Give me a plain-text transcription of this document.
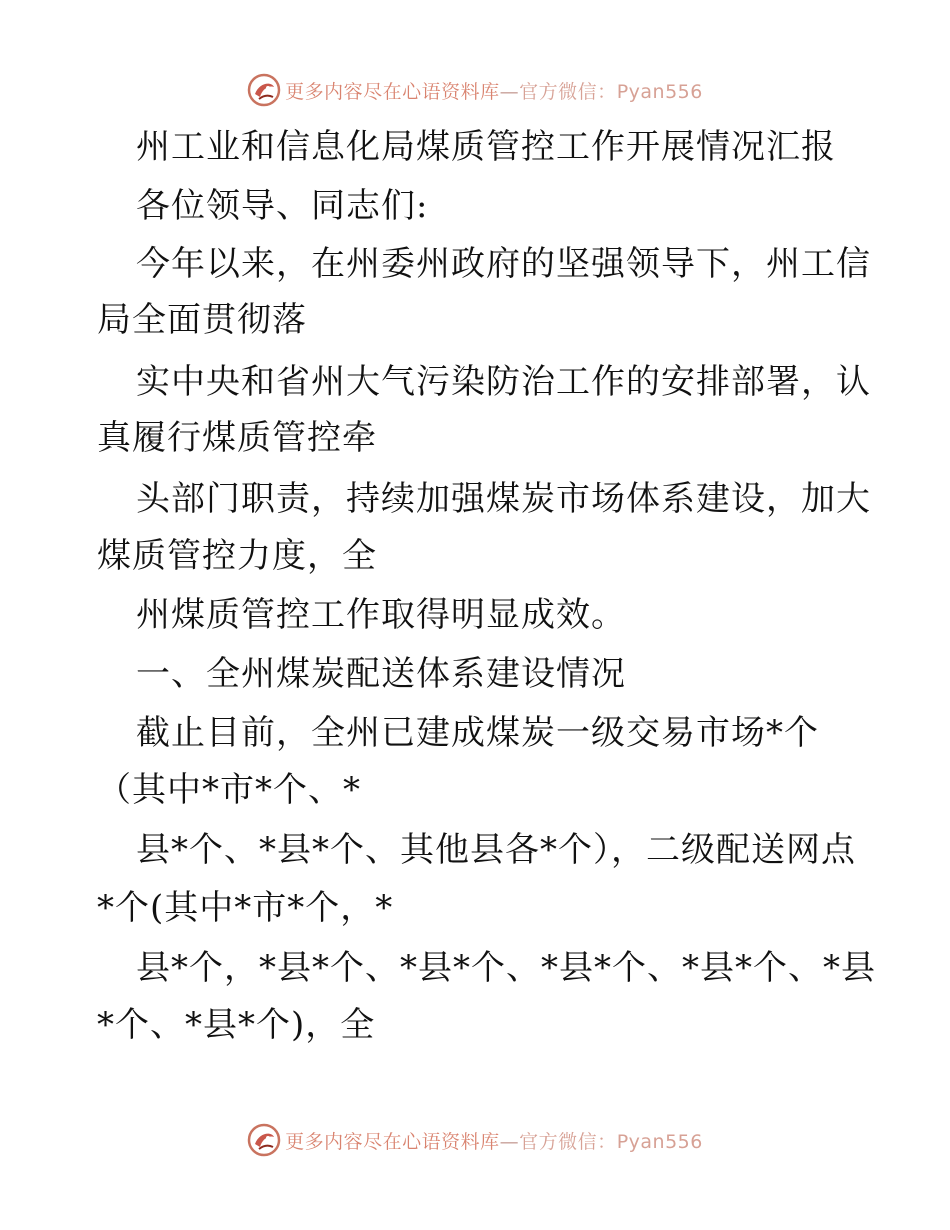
更多内容尽在心语资料库—官方微信：Pyan556
州工业和信息化局煤质管控工作开展情况汇报
各位领导、同志们:
今年以来，在州委州政府的坚强领导下，州工信
局全面贯彻落
实中央和省州大气污染防治工作的安排部署，认
真履行煤质管控牵
头部门职责，持续加强煤炭市场体系建设，加大
煤质管控力度，全
州煤质管控工作取得明显成效。
一、全州煤炭配送体系建设情况
截止目前，全州已建成煤炭一级交易市场*个
（其中*市*个、*
县*个、*县*个、其他县各*个），二级配送网点
*个(其中*市*个，*
县*个，*县*个、*县*个、*县*个、*县*个、*县
*个、*县*个)，全
更多内容尽在心语资料库—官方微信：Pyan556
